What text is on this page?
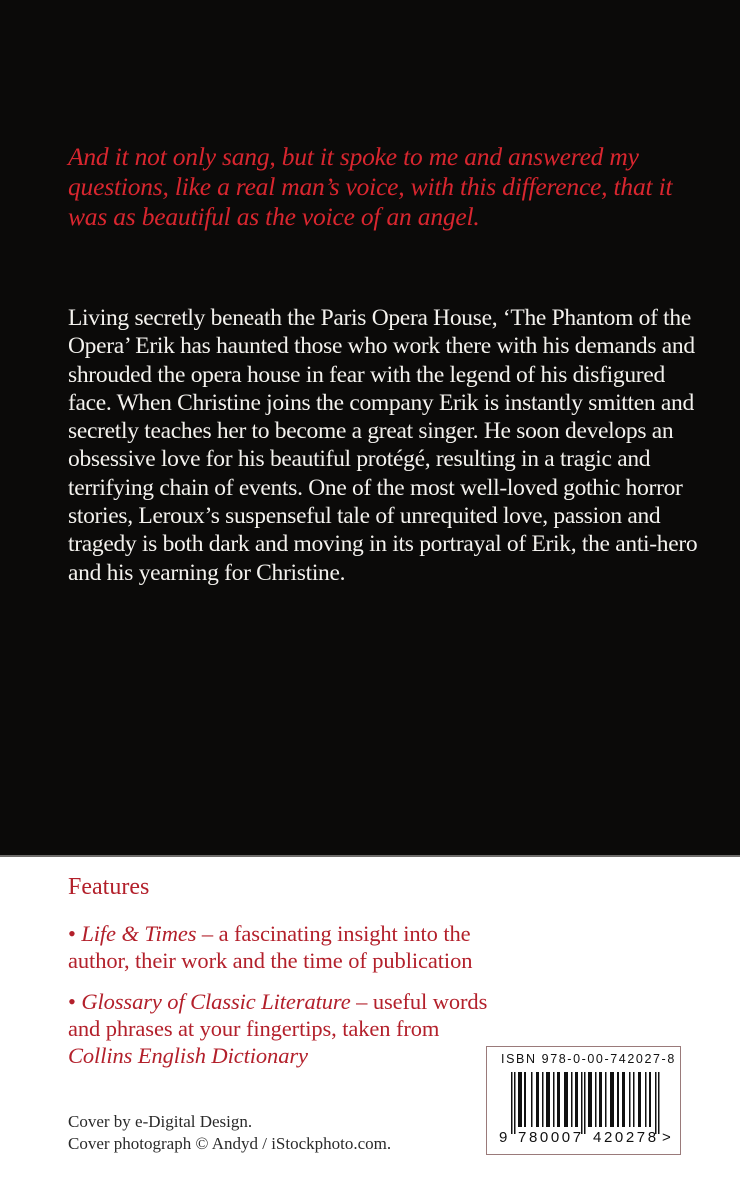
And it not only sang, but it spoke to me and answered my questions, like a real man’s voice, with this difference, that it was as beautiful as the voice of an angel.

Living secretly beneath the Paris Opera House, ‘The Phantom of the Opera’ Erik has haunted those who work there with his demands and shrouded the opera house in fear with the legend of his disfigured face. When Christine joins the company Erik is instantly smitten and secretly teaches her to become a great singer. He soon develops an obsessive love for his beautiful protégé, resulting in a tragic and terrifying chain of events. One of the most well-loved gothic horror stories, Leroux’s suspenseful tale of unrequited love, passion and tragedy is both dark and moving in its portrayal of Erik, the anti-hero and his yearning for Christine.

Features

• Life & Times – a fascinating insight into the author, their work and the time of publication

• Glossary of Classic Literature – useful words and phrases at your fingertips, taken from Collins English Dictionary

Cover by e-Digital Design.
Cover photograph © Andyd / iStockphoto.com.
ISBN 978-0-00-742027-8
9 780007 420278 >
